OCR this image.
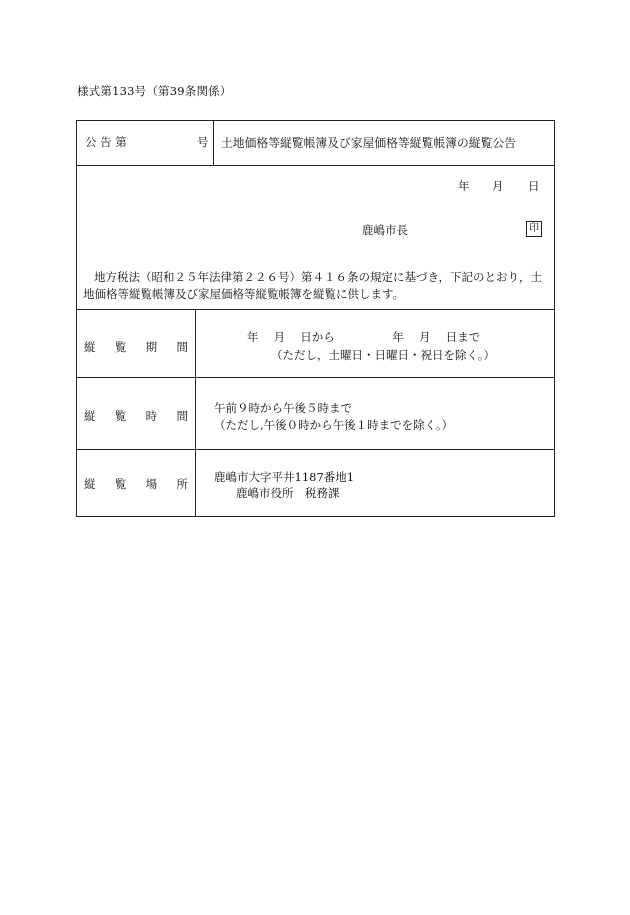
様式第133号（第39条関係）
公 告 第	号 土地価格等縦覧帳簿及び家屋価格等縦覧帳簿の縦覧公告
年 月 日
鹿嶋市長	印
地方税法（昭和２５年法律第２２６号）第４１６条の規定に基づき，下記のとおり，土
地価格等縦覧帳簿及び家屋価格等縦覧帳簿を縦覧に供します。
縦 覧 期 間
年　 月　 日から　　　　　年　 月　 日まで
（ただし，土曜日・日曜日・祝日を除く。）
縦 覧 時 間
午前９時から午後５時まで
（ただし,午後０時から午後１時までを除く。）
縦 覧 場 所 鹿嶋市大字平井1187番地1
鹿嶋市役所　税務課
